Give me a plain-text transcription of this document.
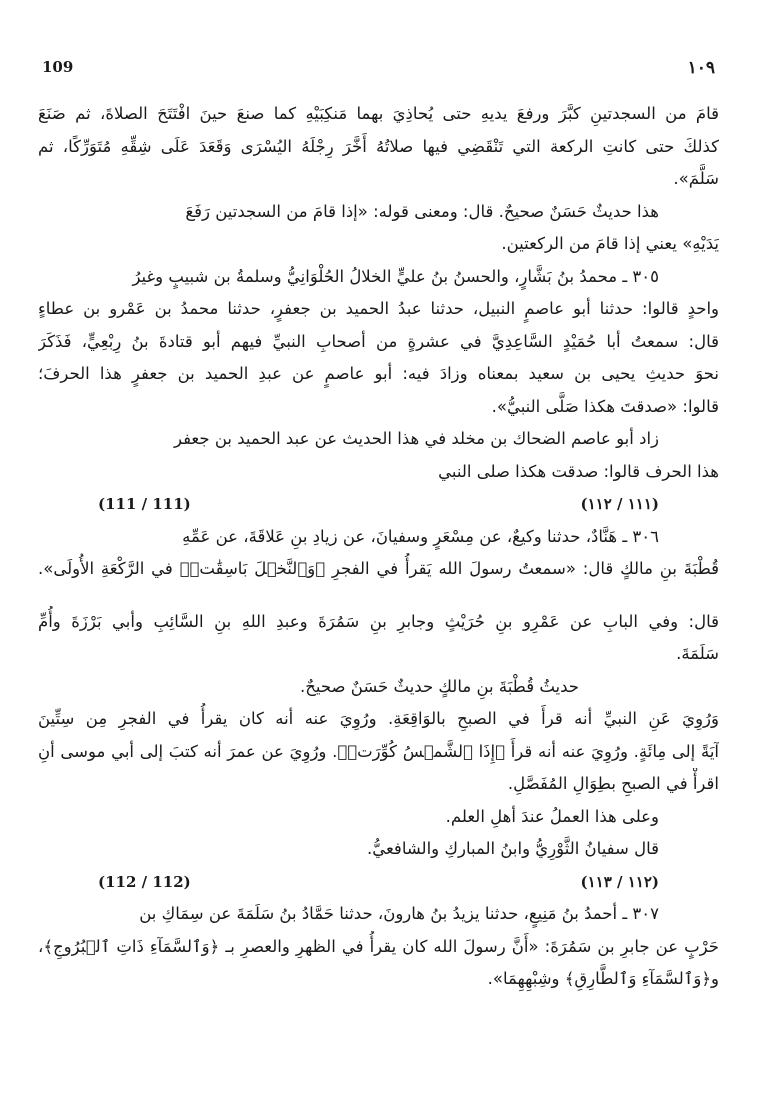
109	١٠٩
قامَ من السجدتينِ كبَّرَ ورفعَ يديهِ حتى يُحاذِيَ بهما مَنكِبَيْهِ كما صنعَ حينَ افْتَتَحَ الصلاةَ، ثم صَنَعَ
كذلكَ حتى كانتِ الركعة التي تَنْقَضِي فيها صلاتُهُ أَخَّرَ رِجْلَهُ اليُسْرَى وَقَعَدَ عَلَى شِقِّهِ مُتَوَرِّكًا، ثم
سَلَّمَ».
هذا حديثٌ حَسَنٌ صحيحٌ. قال: ومعنى قوله: «إذا قامَ من السجدتين رَفَعَ
يَدَيْهِ» يعني إذا قامَ من الركعتين.
٣٠٥ ـ محمدُ بنُ بَشَّارٍ، والحسنُ بنُ عليٍّ الخلالُ الحُلْوَانِيُّ وسلمةُ بن شبيبٍ وغيرُ
واحدٍ قالوا: حدثنا أبو عاصمٍ النبيل، حدثنا عبدُ الحميد بن جعفرٍ، حدثنا محمدُ بن عَمْرو بن عطاءٍ
قال: سمعتُ أبا حُمَيْدٍ السَّاعِدِيَّ في عشرةٍ من أصحابِ النبيِّ فيهم أبو قتادةَ بنُ رِبْعِيٍّ، فَذَكَرَ
نحوَ حديثِ يحيى بن سعيد بمعناه وزادَ فيه: أبو عاصمٍ عن عبدِ الحميد بن جعفرٍ هذا الحرفَ؛
قالوا: «صدقتَ هكذا صَلَّى النبيُّ».
زاد أبو عاصم الضحاك بن مخلد في هذا الحديث عن عبد الحميد بن جعفر
هذا الحرف قالوا: صدقت هكذا صلى النبي
(111 / 111)	(١١١ / ١١٢)
٣٠٦ ـ هَنَّادٌ، حدثنا وكيعٌ، عن مِسْعَرٍ وسفيانَ، عن زيادِ بنِ عَلاقَةَ، عن عَمِّهِ
قُطْبَةَ بنِ مالكٍ قال: «سمعتُ رسولَ الله يَقرأُ في الفجرِ ﴿وَٱلنَّخۡلَ بَاسِقَٰتٖ﴾ في الرَّكْعَةِ الأُولَى».
قال: وفي البابِ عن عَمْرِو بنِ حُرَيْثٍ وجابرِ بنِ سَمُرَةَ وعبدِ اللهِ بنِ السَّائِبِ وأبي بَرْزَةَ وأُمِّ
سَلَمَةَ.
حديثُ قُطْبَةَ بنِ مالكٍ حديثٌ حَسَنٌ صحيحٌ.
وَرُوِيَ عَنِ النبيِّ أنه قرأَ في الصبحِ بالوَاقِعَةِ. ورُوِيَ عنه أنه كان يقرأُ في الفجرِ مِن سِتِّينَ
آيَةً إلى مِائَةٍ. ورُوِيَ عنه أنه قرأَ ﴿إِذَا ٱلشَّمۡسُ كُوِّرَتۡ﴾. ورُوِيَ عن عمرَ أنه كتبَ إلى أبي موسى أنِ
اقرأْ في الصبحِ بطِوَالِ المُفَصَّلِ.
وعلى هذا العملُ عندَ أهلِ العلم.
قال سفيانُ الثَّوْرِيُّ وابنُ المباركِ والشافعيُّ.
(112 / 112)	(١١٢ / ١١٣)
٣٠٧ ـ أحمدُ بنُ مَنِيعٍ، حدثنا يزيدُ بنُ هارونَ، حدثنا حَمَّادُ بنُ سَلَمَةَ عن سِمَاكِ بن
حَرْبٍ عن جابرِ بن سَمُرَةَ: «أَنَّ رسولَ الله كان يقرأُ في الظهرِ والعصرِ بـ ﴿وَٱلسَّمَآءِ ذَاتِ ٱلۡبُرُوجِ﴾،
و﴿وَٱلسَّمَآءِ وَٱلطَّارِقِ﴾ وشِبْهِهِمَا».
